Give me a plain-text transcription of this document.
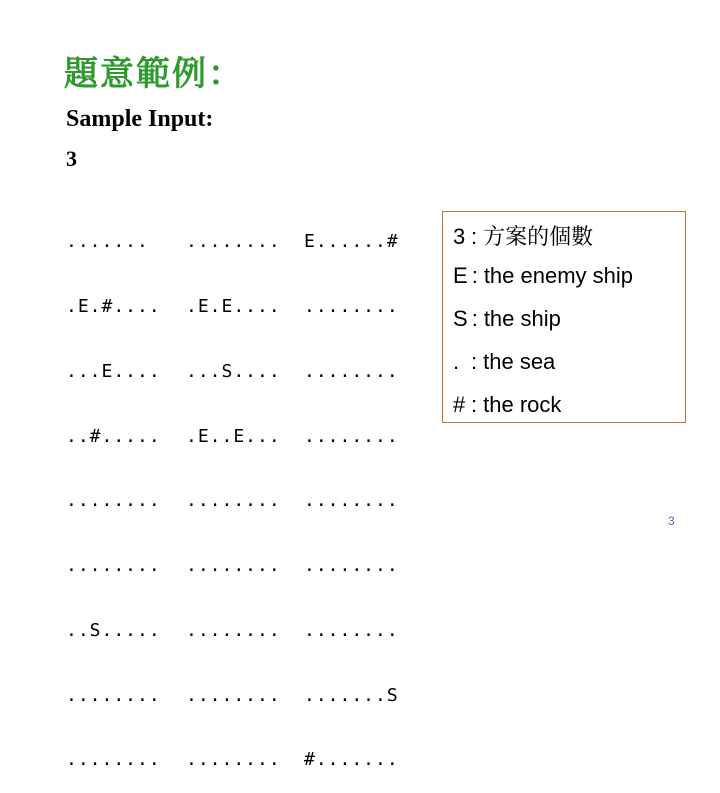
題意範例：
Sample Input:
3

.......

.E.#....

...E....

..#.....

........

........

..S.....

........

........

........

.E.E....

...S....

.E..E...

........

........

........

........

........

E......#

........

........

........

........

........

........

.......S

#.......

3 : 方案的個數
E : the enemy ship
S : the ship
. : the sea
# : the rock
3
